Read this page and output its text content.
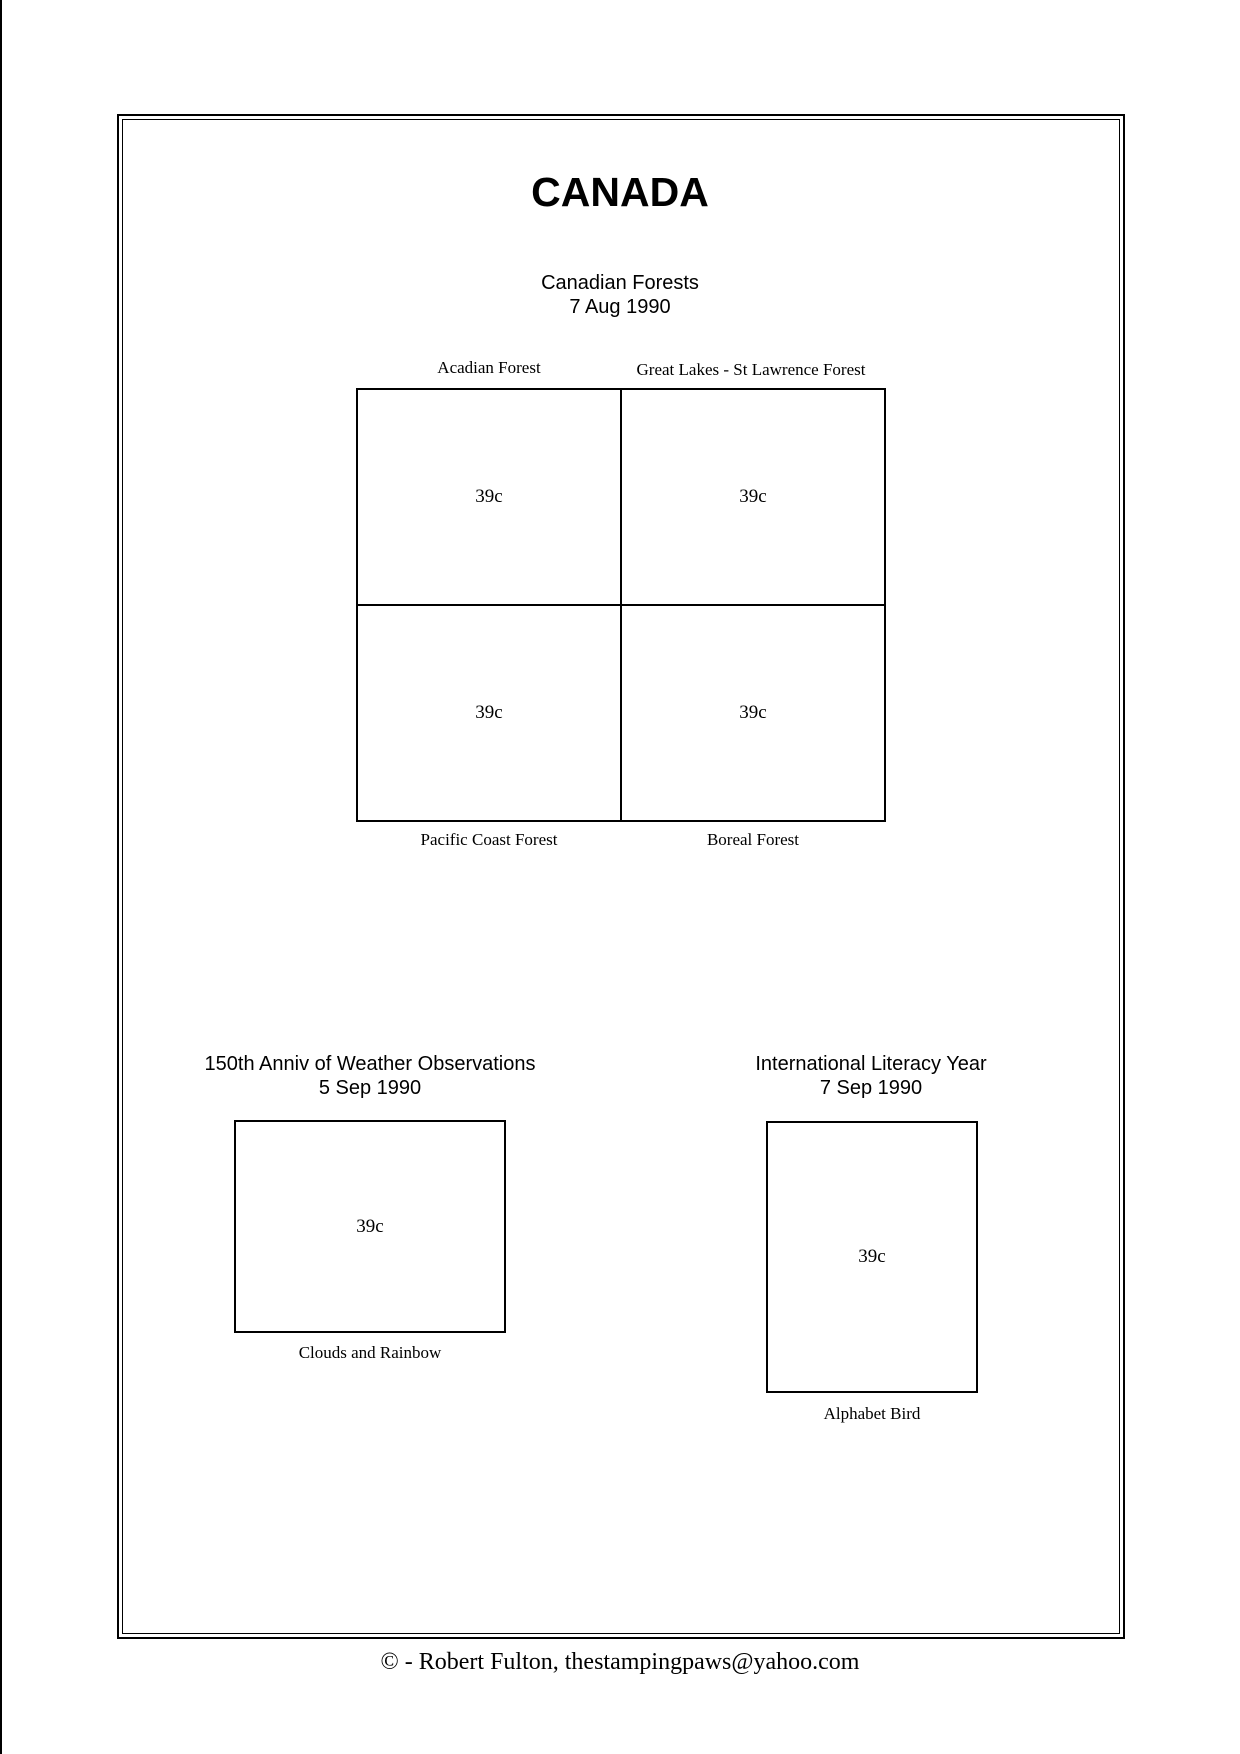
CANADA
Canadian Forests
7 Aug 1990
Acadian Forest	Great Lakes - St Lawrence Forest
39c	39c
39c	39c
Pacific Coast Forest	Boreal Forest
150th Anniv of Weather Observations
5 Sep 1990
39c
Clouds and Rainbow
International Literacy Year
7 Sep 1990
39c
Alphabet Bird
© - Robert Fulton, thestampingpaws@yahoo.com
